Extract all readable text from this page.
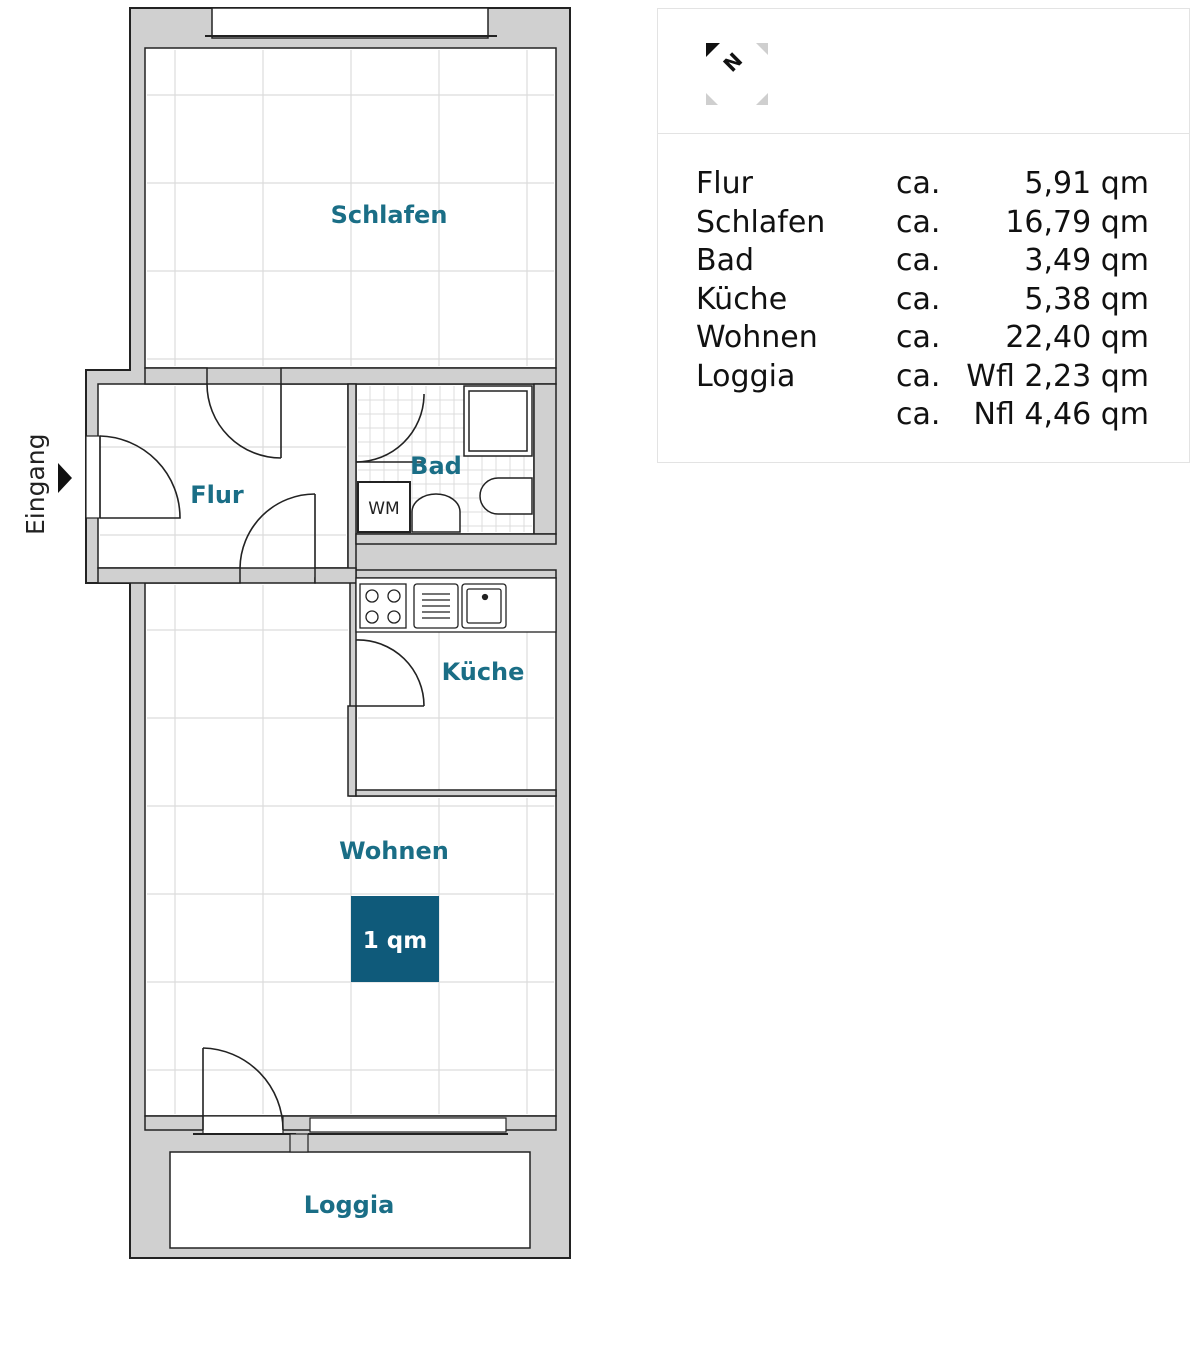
Eingang
Schlafen
Flur
Bad
WM
Küche
Wohnen
Loggia
1 qm
N
Flur	ca.	5,91 qm
Schlafen	ca.	16,79 qm
Bad	ca.	3,49 qm
Küche	ca.	5,38 qm
Wohnen	ca.	22,40 qm
Loggia	ca.	Wfl 2,23 qm
	ca.	Nfl 4,46 qm
